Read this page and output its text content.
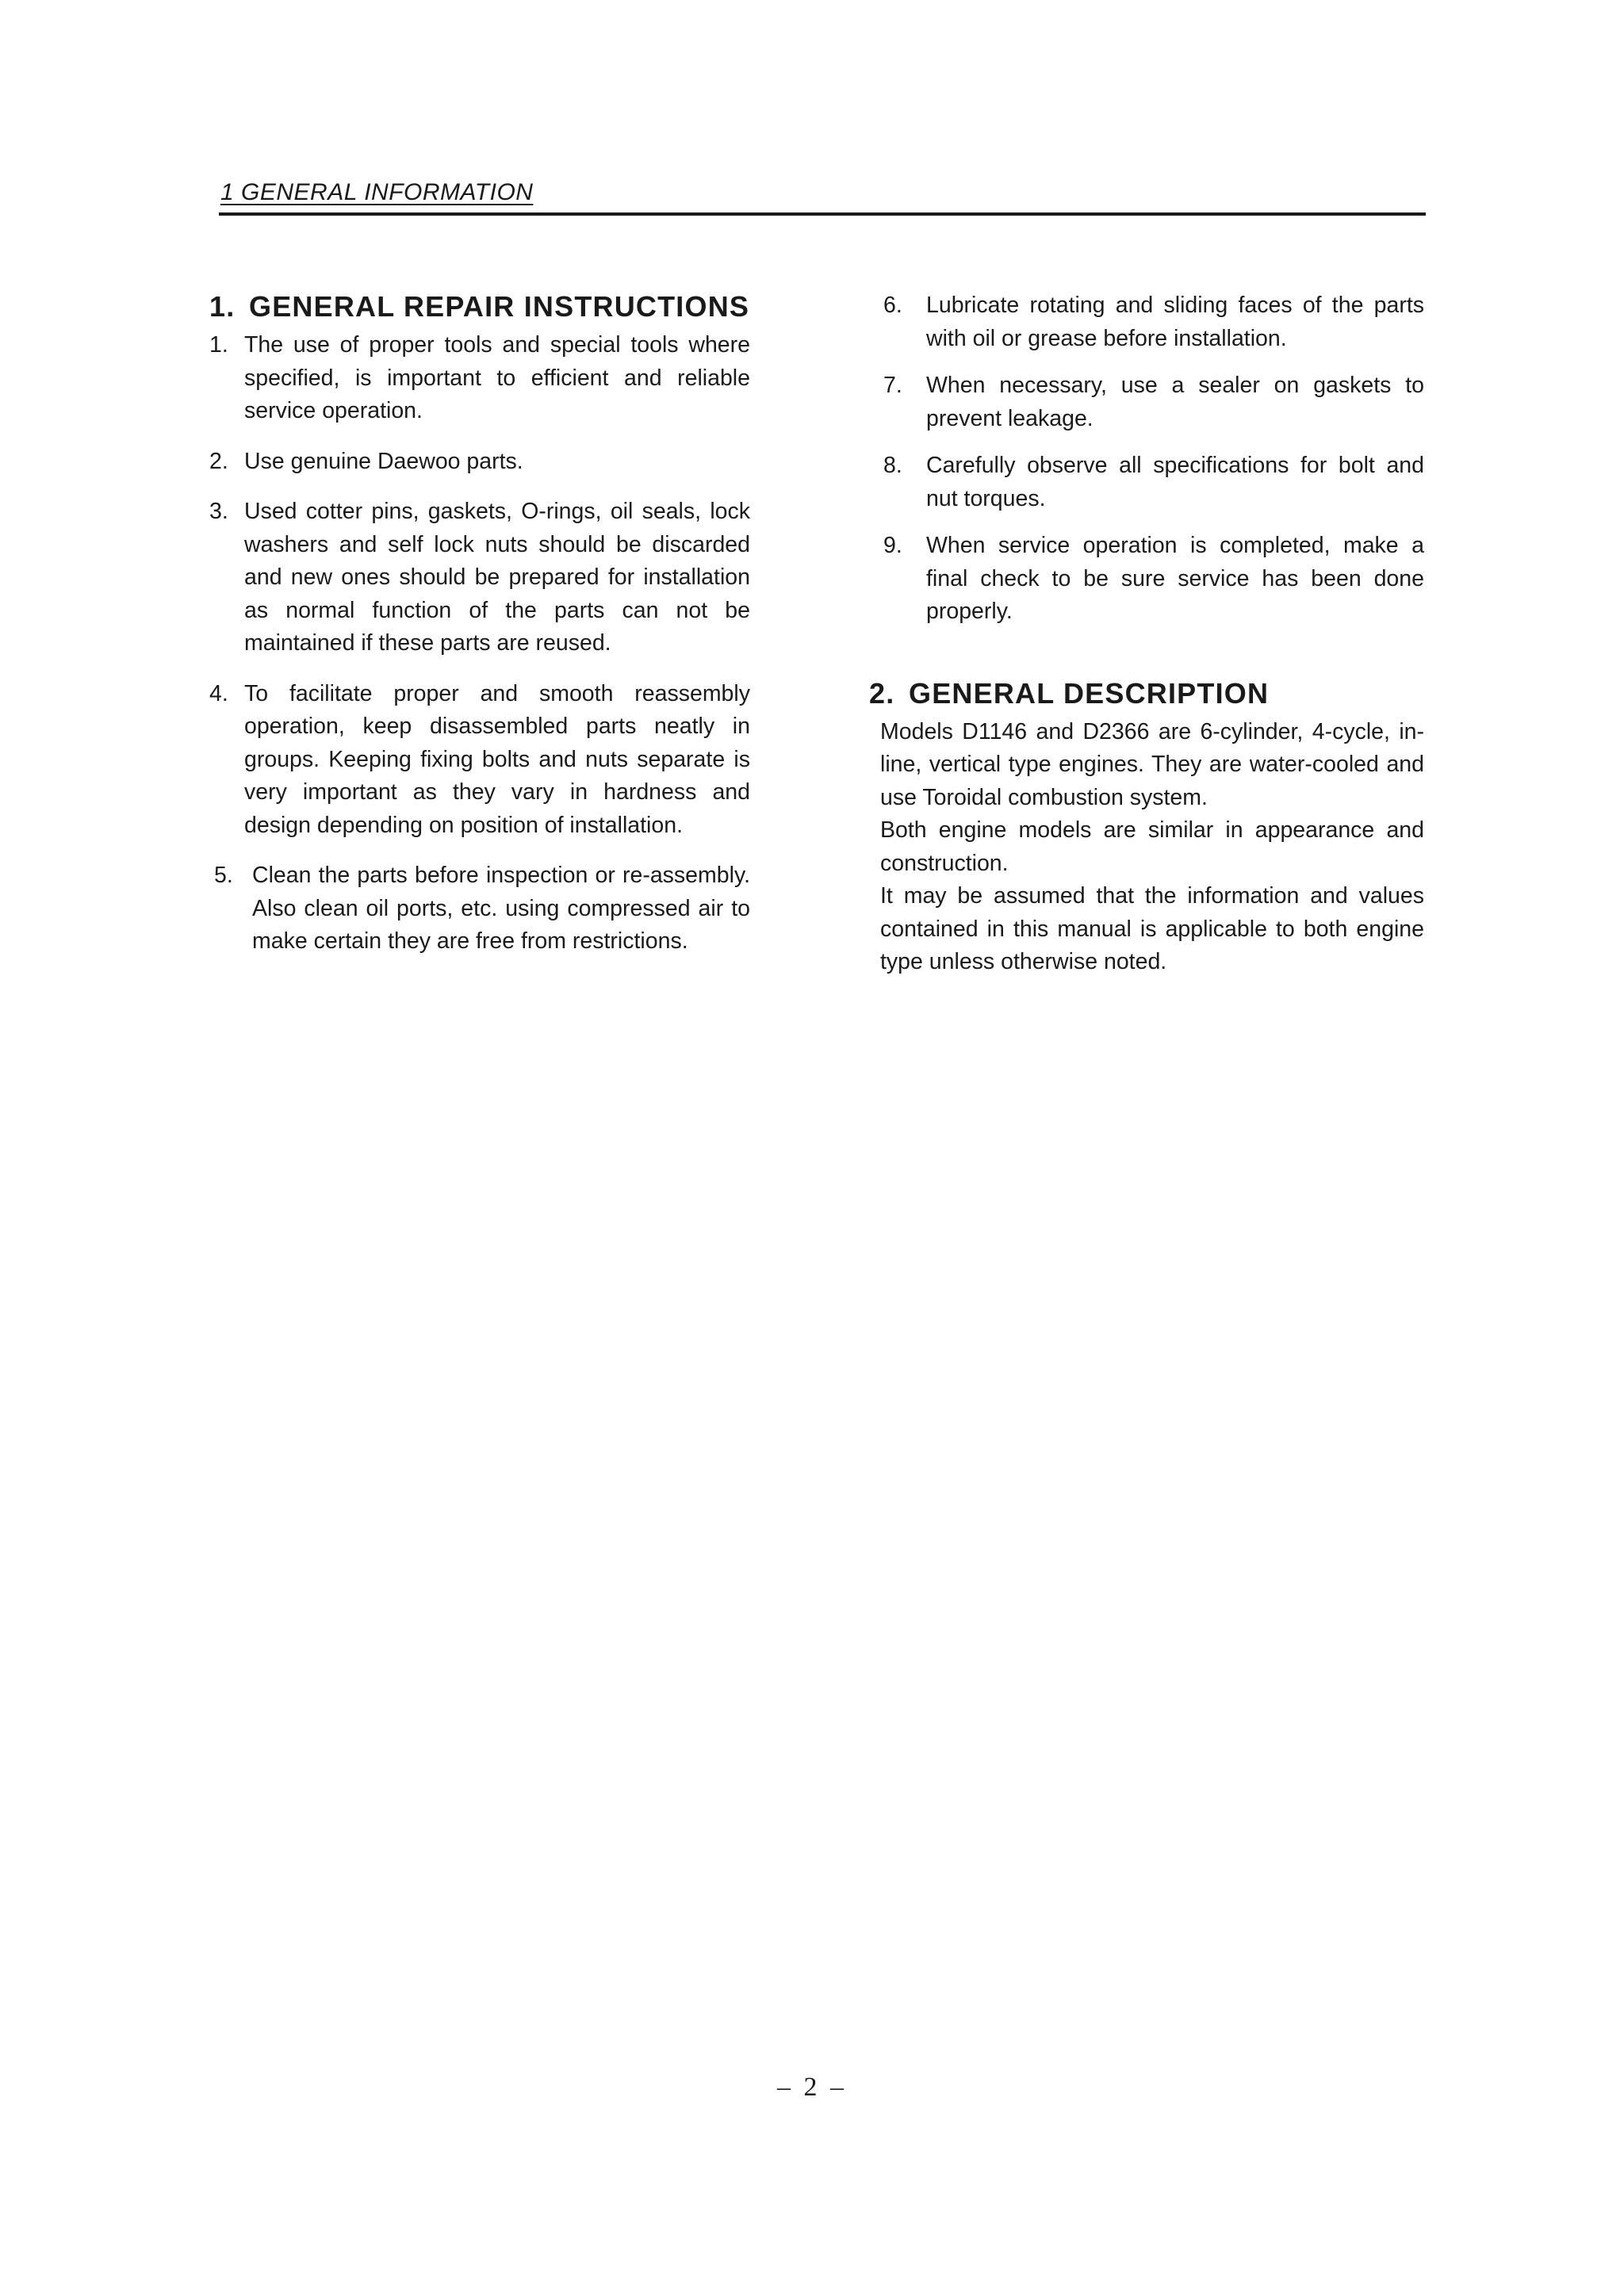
1 GENERAL INFORMATION
1. GENERAL REPAIR INSTRUCTIONS
1. The use of proper tools and special tools where specified, is important to efficient and reliable service operation.
2. Use genuine Daewoo parts.
3. Used cotter pins, gaskets, O-rings, oil seals, lock washers and self lock nuts should be discarded and new ones should be prepared for installation as normal function of the parts can not be maintained if these parts are reused.
4. To facilitate proper and smooth reassembly operation, keep disassembled parts neatly in groups. Keeping fixing bolts and nuts separate is very important as they vary in hardness and design depending on position of installation.
5. Clean the parts before inspection or re-assembly. Also clean oil ports, etc. using compressed air to make certain they are free from restrictions.
6.	Lubricate rotating and sliding faces of the parts with oil or grease before installation.
7.	When necessary, use a sealer on gaskets to prevent leakage.
8.	Carefully observe all specifications for bolt and nut torques.
9.	When service operation is completed, make a final check to be sure service has been done properly.
2. GENERAL DESCRIPTION

Models D1146 and D2366 are 6-cylinder, 4-cycle, in-line, vertical type engines. They are water-cooled and use Toroidal combustion system.

Both engine models are similar in appearance and construction.

It may be assumed that the information and values contained in this manual is applicable to both engine type unless otherwise noted.

– 2 –
